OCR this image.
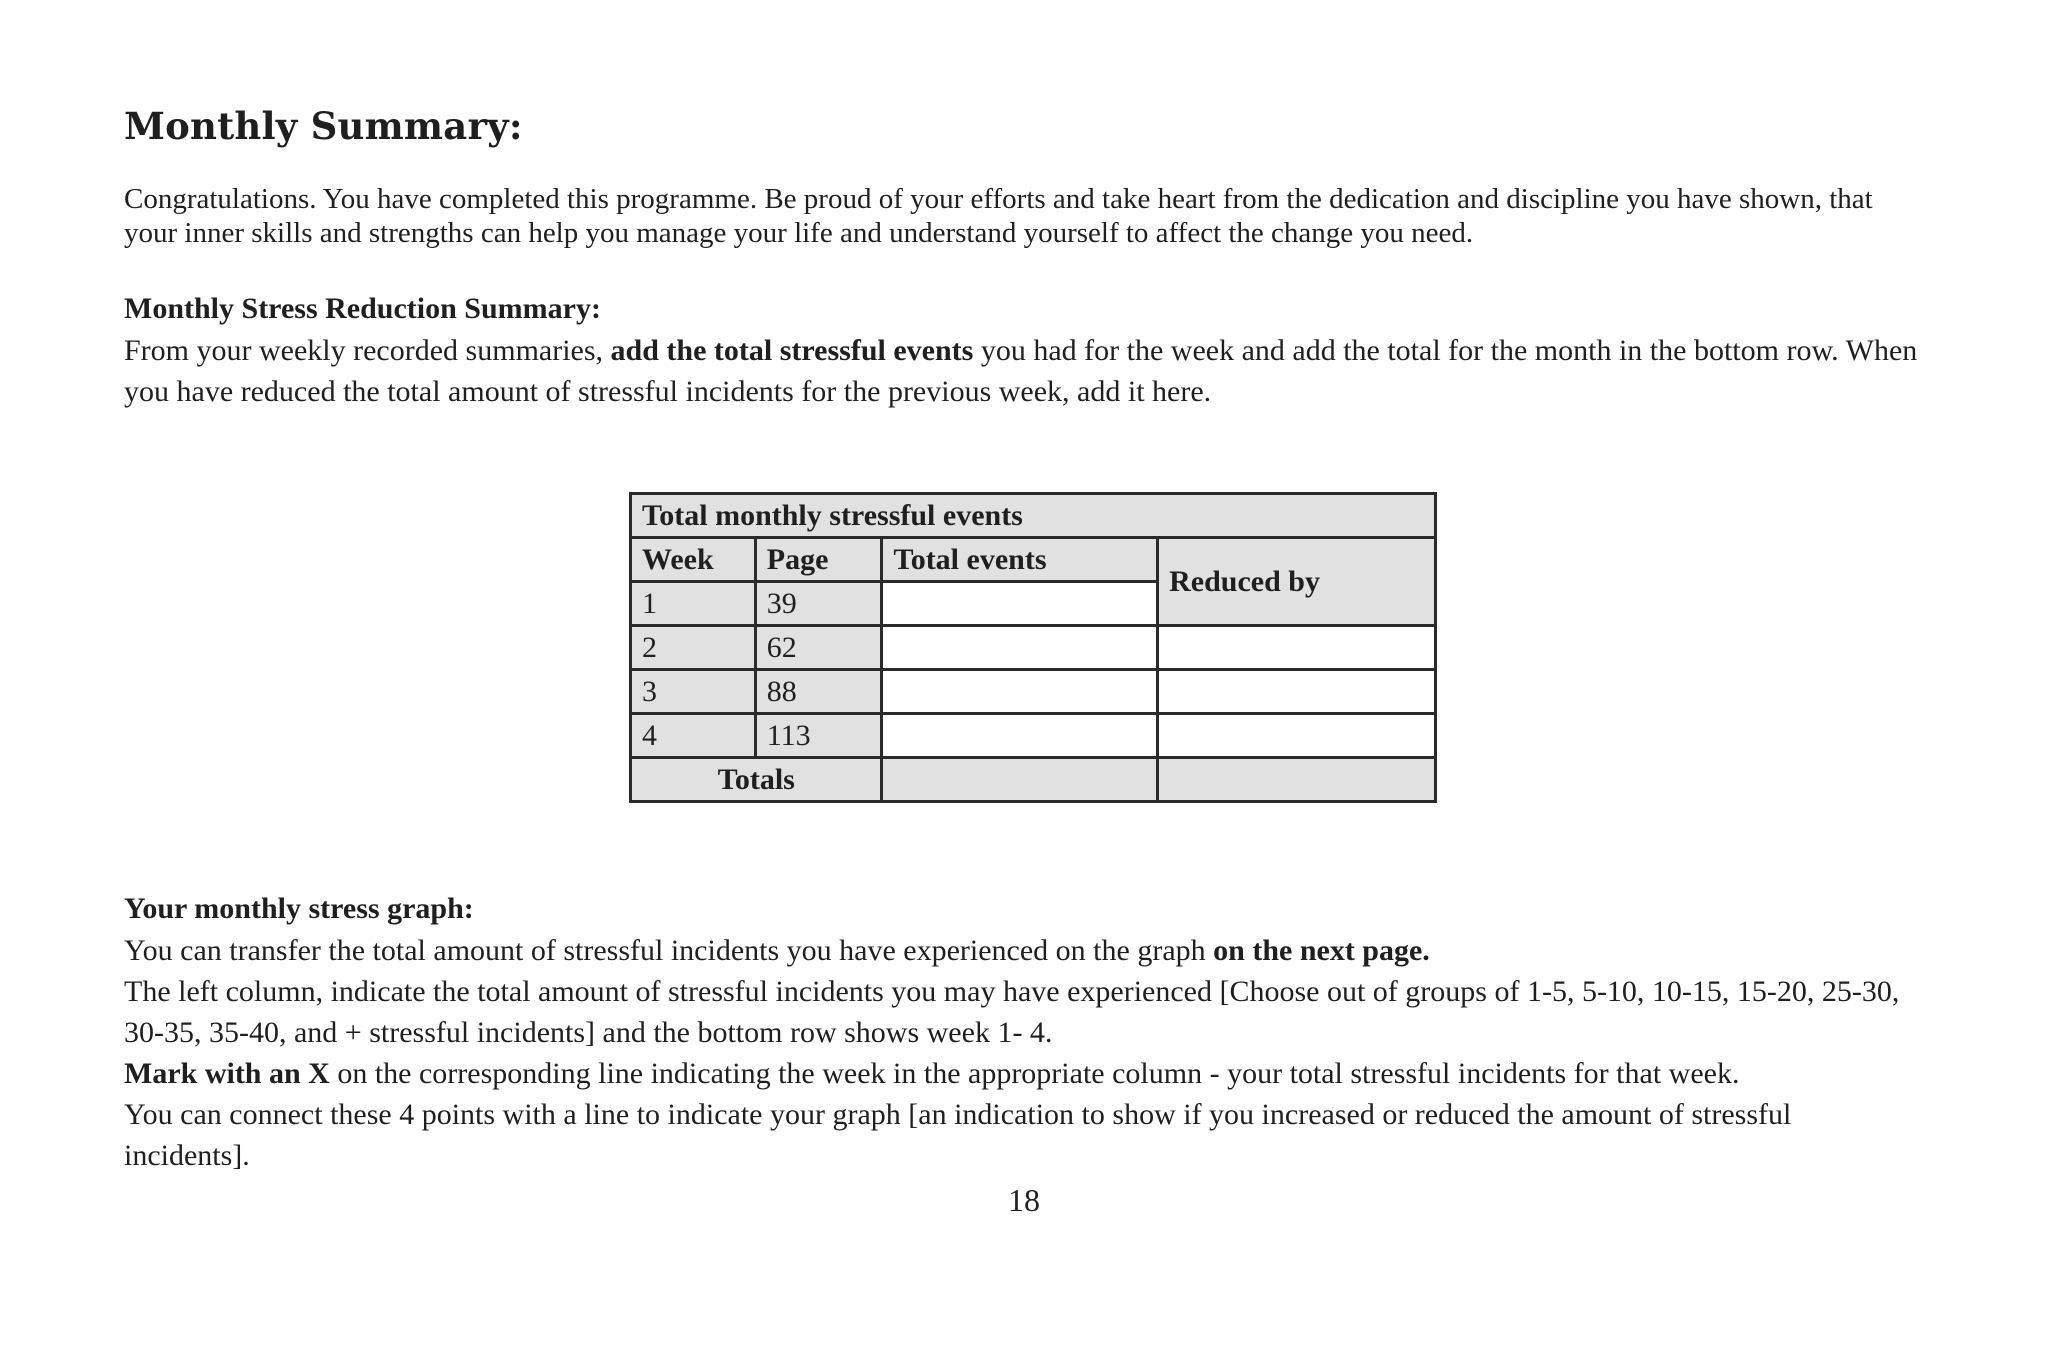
Monthly Summary:

Congratulations. You have completed this programme. Be proud of your efforts and take heart from the dedication and discipline you have shown, that your inner skills and strengths can help you manage your life and understand yourself to affect the change you need.

Monthly Stress Reduction Summary:

From your weekly recorded summaries, add the total stressful events you had for the week and add the total for the month in the bottom row. When you have reduced the total amount of stressful incidents for the previous week, add it here.

Total monthly stressful events			
Week	Page	Total events	Reduced by
1	39		
2	62		
3	88		
4	113		
Totals			

Your monthly stress graph:

You can transfer the total amount of stressful incidents you have experienced on the graph on the next page.

The left column, indicate the total amount of stressful incidents you may have experienced [Choose out of groups of 1-5, 5-10, 10-15, 15-20, 25-30, 30-35, 35-40, and + stressful incidents] and the bottom row shows week 1- 4.

Mark with an X on the corresponding line indicating the week in the appropriate column - your total stressful incidents for that week.

You can connect these 4 points with a line to indicate your graph [an indication to show if you increased or reduced the amount of stressful incidents].

18
